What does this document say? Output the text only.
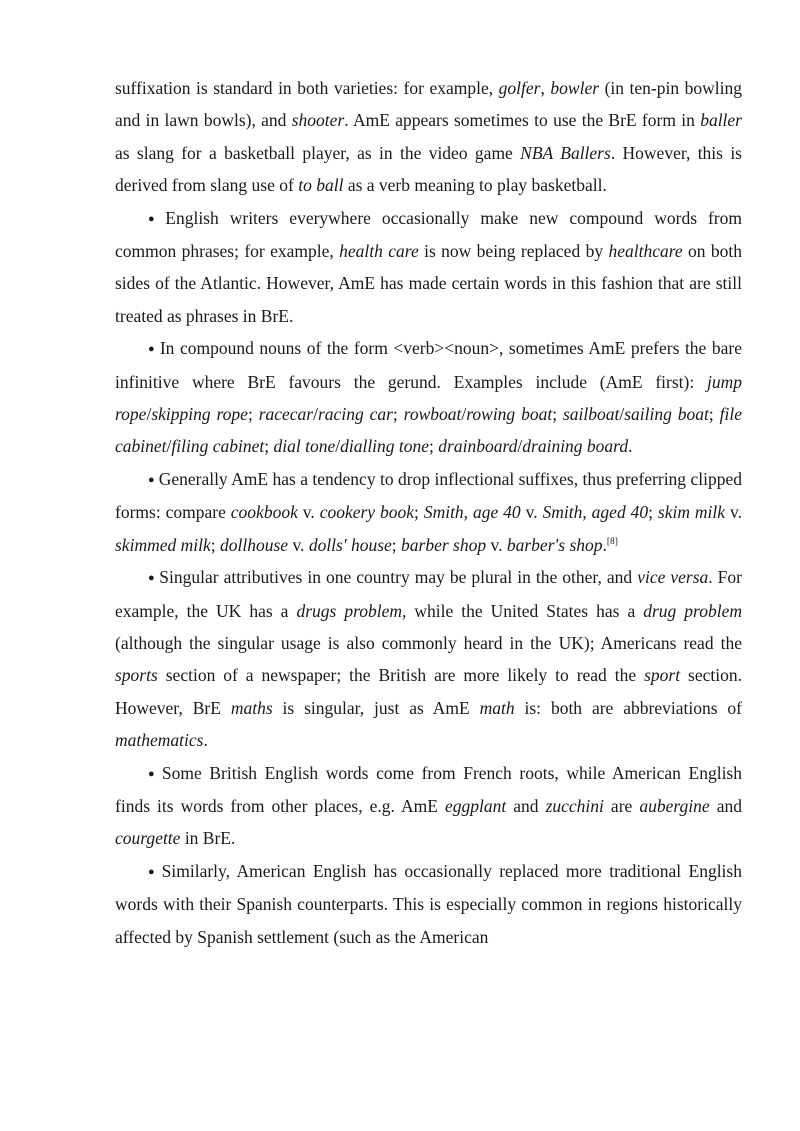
suffixation is standard in both varieties: for example, golfer, bowler (in ten-pin bowling and in lawn bowls), and shooter. AmE appears sometimes to use the BrE form in baller as slang for a basketball player, as in the video game NBA Ballers. However, this is derived from slang use of to ball as a verb meaning to play basketball.

● English writers everywhere occasionally make new compound words from common phrases; for example, health care is now being replaced by healthcare on both sides of the Atlantic. However, AmE has made certain words in this fashion that are still treated as phrases in BrE.

● In compound nouns of the form <verb><noun>, sometimes AmE prefers the bare infinitive where BrE favours the gerund. Examples include (AmE first): jump rope/skipping rope; racecar/racing car; rowboat/rowing boat; sailboat/sailing boat; file cabinet/filing cabinet; dial tone/dialling tone; drainboard/draining board.

● Generally AmE has a tendency to drop inflectional suffixes, thus preferring clipped forms: compare cookbook v. cookery book; Smith, age 40 v. Smith, aged 40; skim milk v. skimmed milk; dollhouse v. dolls' house; barber shop v. barber's shop.[8]

● Singular attributives in one country may be plural in the other, and vice versa. For example, the UK has a drugs problem, while the United States has a drug problem (although the singular usage is also commonly heard in the UK); Americans read the sports section of a newspaper; the British are more likely to read the sport section. However, BrE maths is singular, just as AmE math is: both are abbreviations of mathematics.

● Some British English words come from French roots, while American English finds its words from other places, e.g. AmE eggplant and zucchini are aubergine and courgette in BrE.

● Similarly, American English has occasionally replaced more traditional English words with their Spanish counterparts. This is especially common in regions historically affected by Spanish settlement (such as the American
